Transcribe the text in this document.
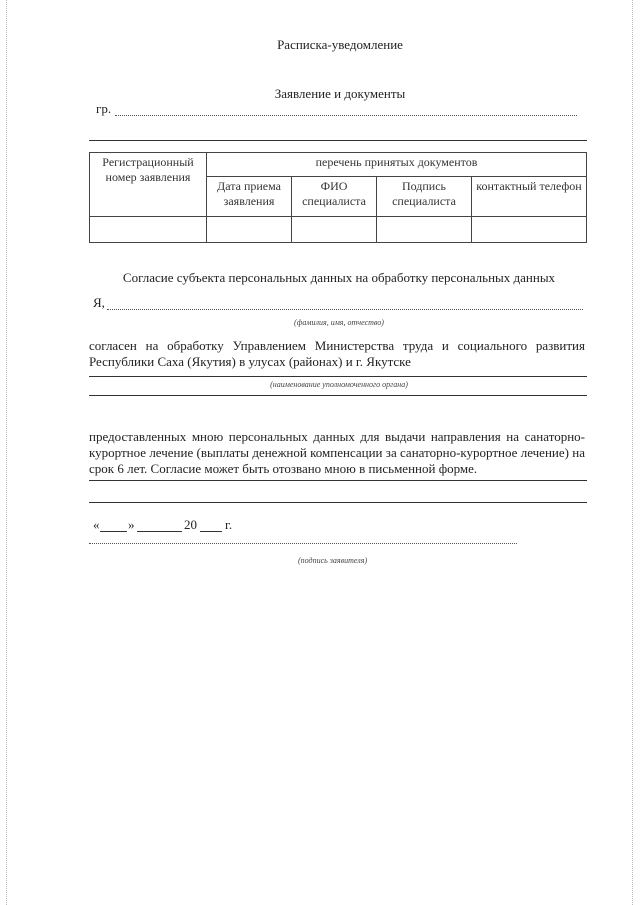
Расписка-уведомление
Заявление и документы
гр.
Регистрационный номер заявления	перечень принятых документов			
	Дата приема заявления	ФИО специалиста	Подпись специалиста	контактный телефон

Согласие субъекта персональных данных на обработку персональных данных
Я,
(фамилия, имя, отчество)
согласен на обработку Управлением Министерства труда и социального развития
Республики Саха (Якутия) в улусах (районах) и г. Якутске
(наименование уполномоченного органа)
предоставленных мною персональных данных для выдачи направления на санаторно-
курортное лечение (выплаты денежной компенсации за санаторно-курортное лечение) на
срок 6 лет. Согласие может быть отозвано мною в письменной форме.
« »	20 г.
(подпись заявителя)
